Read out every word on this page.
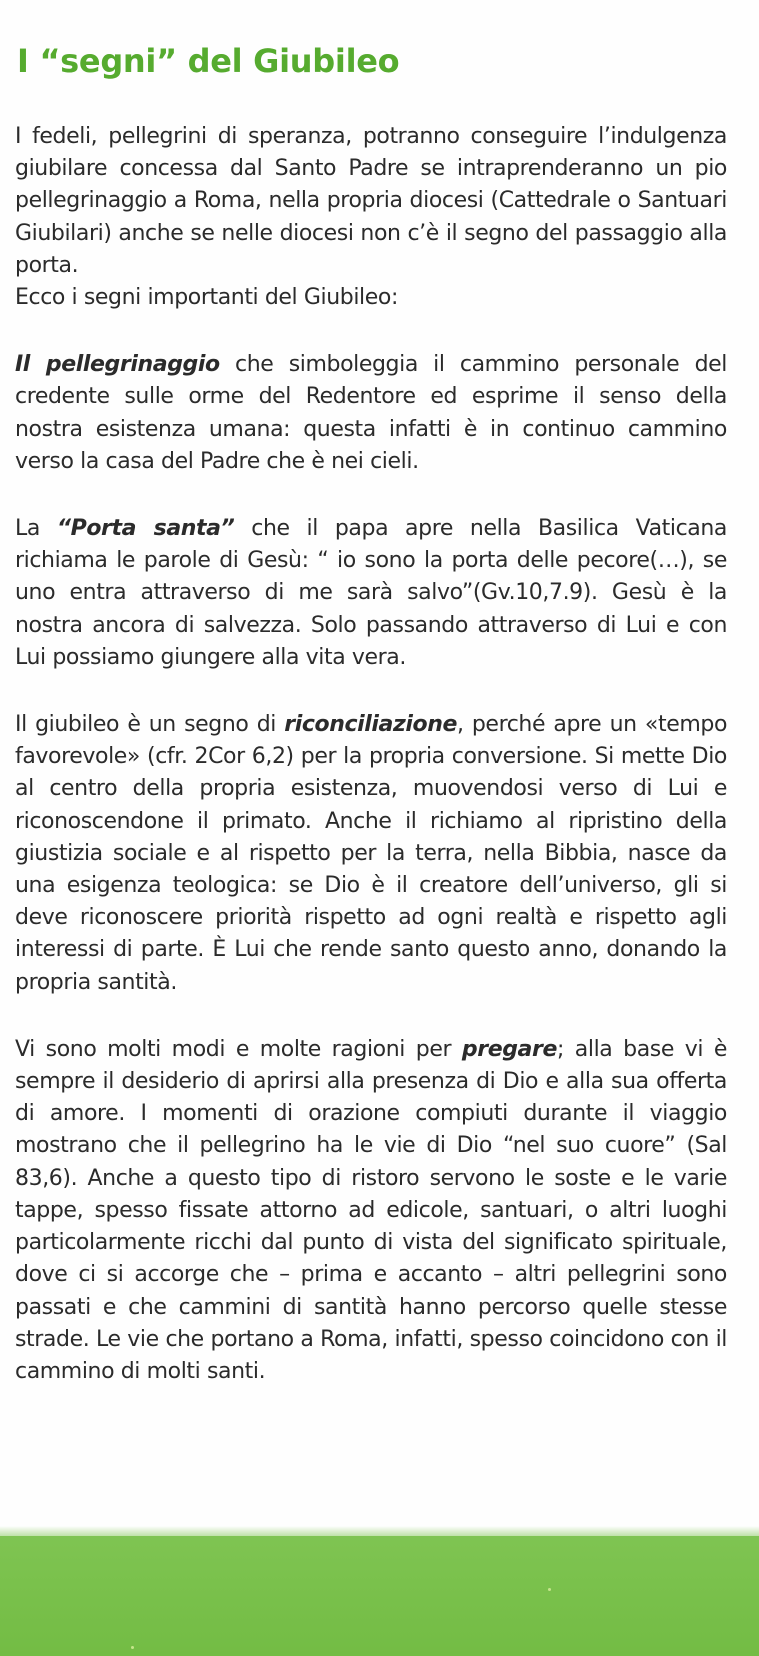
I “segni” del Giubileo

I fedeli, pellegrini di speranza, potranno conseguire l’indulgenza giubilare concessa dal Santo Padre se intraprenderanno un pio pellegrinaggio a Roma, nella propria diocesi (Cattedrale o Santuari Giubilari) anche se nelle diocesi non c’è il segno del passaggio alla porta.
Ecco i segni importanti del Giubileo:

Il pellegrinaggio che simboleggia il cammino personale del credente sulle orme del Redentore ed esprime il senso della nostra esistenza umana: questa infatti è in continuo cammino verso la casa del Padre che è nei cieli.

La “Porta santa” che il papa apre nella Basilica Vaticana richiama le parole di Gesù: “ io sono la porta delle pecore(…), se uno entra attraverso di me sarà salvo”(Gv.10,7.9). Gesù è la nostra ancora di salvezza. Solo passando attraverso di Lui e con Lui possiamo giungere alla vita vera.

Il giubileo è un segno di riconciliazione, perché apre un «tempo favorevole» (cfr. 2Cor 6,2) per la propria conversione. Si mette Dio al centro della propria esistenza, muovendosi verso di Lui e riconoscendone il primato. Anche il richiamo al ripristino della giustizia sociale e al rispetto per la terra, nella Bibbia, nasce da una esigenza teologica: se Dio è il creatore dell’universo, gli si deve riconoscere priorità rispetto ad ogni realtà e rispetto agli interessi di parte. È Lui che rende santo questo anno, donando la propria santità.

Vi sono molti modi e molte ragioni per pregare; alla base vi è sempre il desiderio di aprirsi alla presenza di Dio e alla sua offerta di amore. I momenti di orazione compiuti durante il viaggio mostrano che il pellegrino ha le vie di Dio “nel suo cuore” (Sal 83,6). Anche a questo tipo di ristoro servono le soste e le varie tappe, spesso fissate attorno ad edicole, santuari, o altri luoghi particolarmente ricchi dal punto di vista del significato spirituale, dove ci si accorge che – prima e accanto – altri pellegrini sono passati e che cammini di santità hanno percorso quelle stesse strade. Le vie che portano a Roma, infatti, spesso coincidono con il cammino di molti santi.
